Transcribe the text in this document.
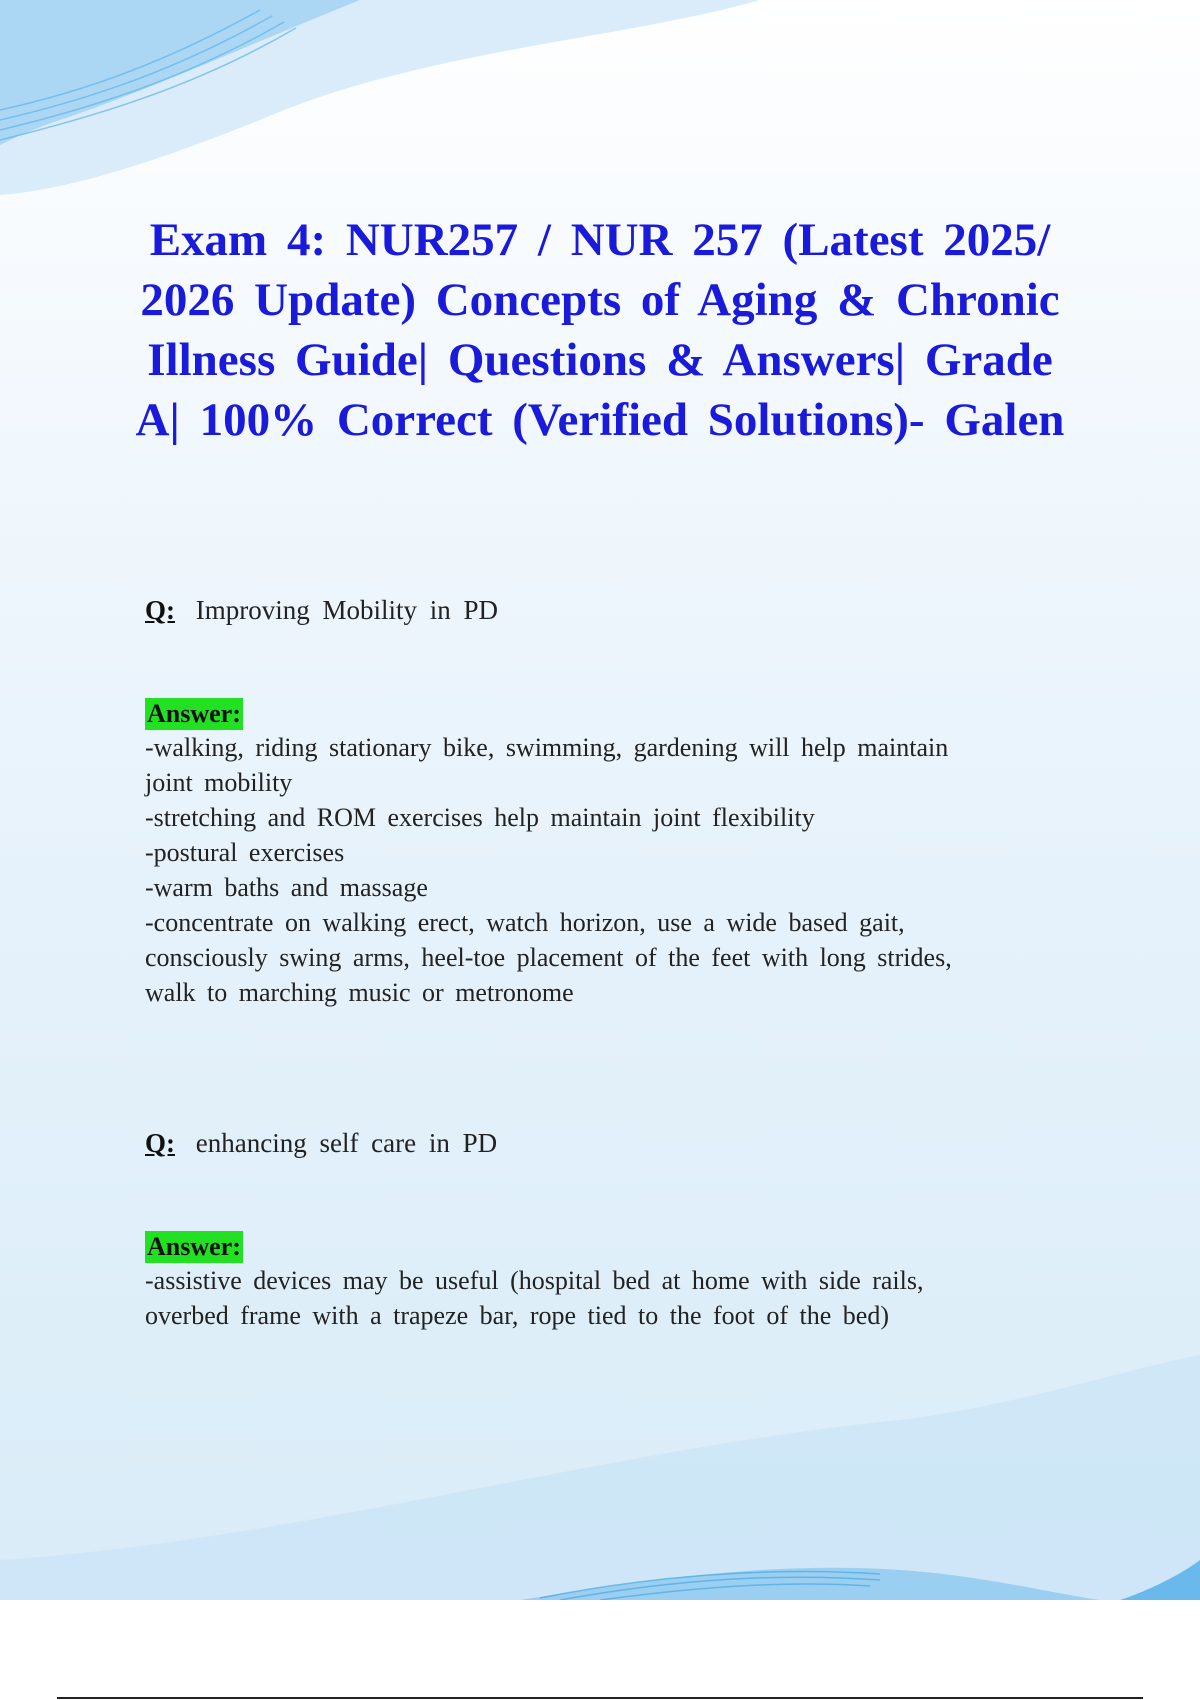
Exam 4: NUR257 / NUR 257 (Latest 2025/ 2026 Update) Concepts of Aging & Chronic Illness Guide| Questions & Answers| Grade A| 100% Correct (Verified Solutions)- Galen
Q: Improving Mobility in PD
Answer:
-walking, riding stationary bike, swimming, gardening will help maintain
joint mobility
-stretching and ROM exercises help maintain joint flexibility
-postural exercises
-warm baths and massage
-concentrate on walking erect, watch horizon, use a wide based gait,
consciously swing arms, heel-toe placement of the feet with long strides,
walk to marching music or metronome
Q: enhancing self care in PD
Answer:
-assistive devices may be useful (hospital bed at home with side rails,
overbed frame with a trapeze bar, rope tied to the foot of the bed)
